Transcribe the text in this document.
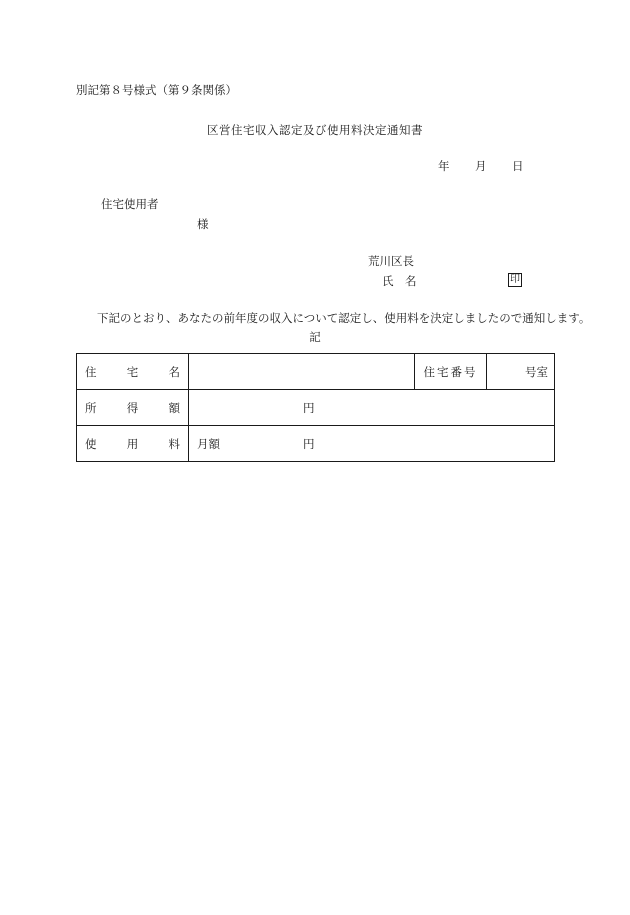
別記第８号様式（第９条関係）
区営住宅収入認定及び使用料決定通知書
年 月 日
住宅使用者
様
荒川区長
氏　名	印
下記のとおり、あなたの前年度の収入について認定し、使用料を決定しましたので通知します。
記
住 宅 名		住宅番号	号室

所 得 額	円		

使 用 料	月額 円		
